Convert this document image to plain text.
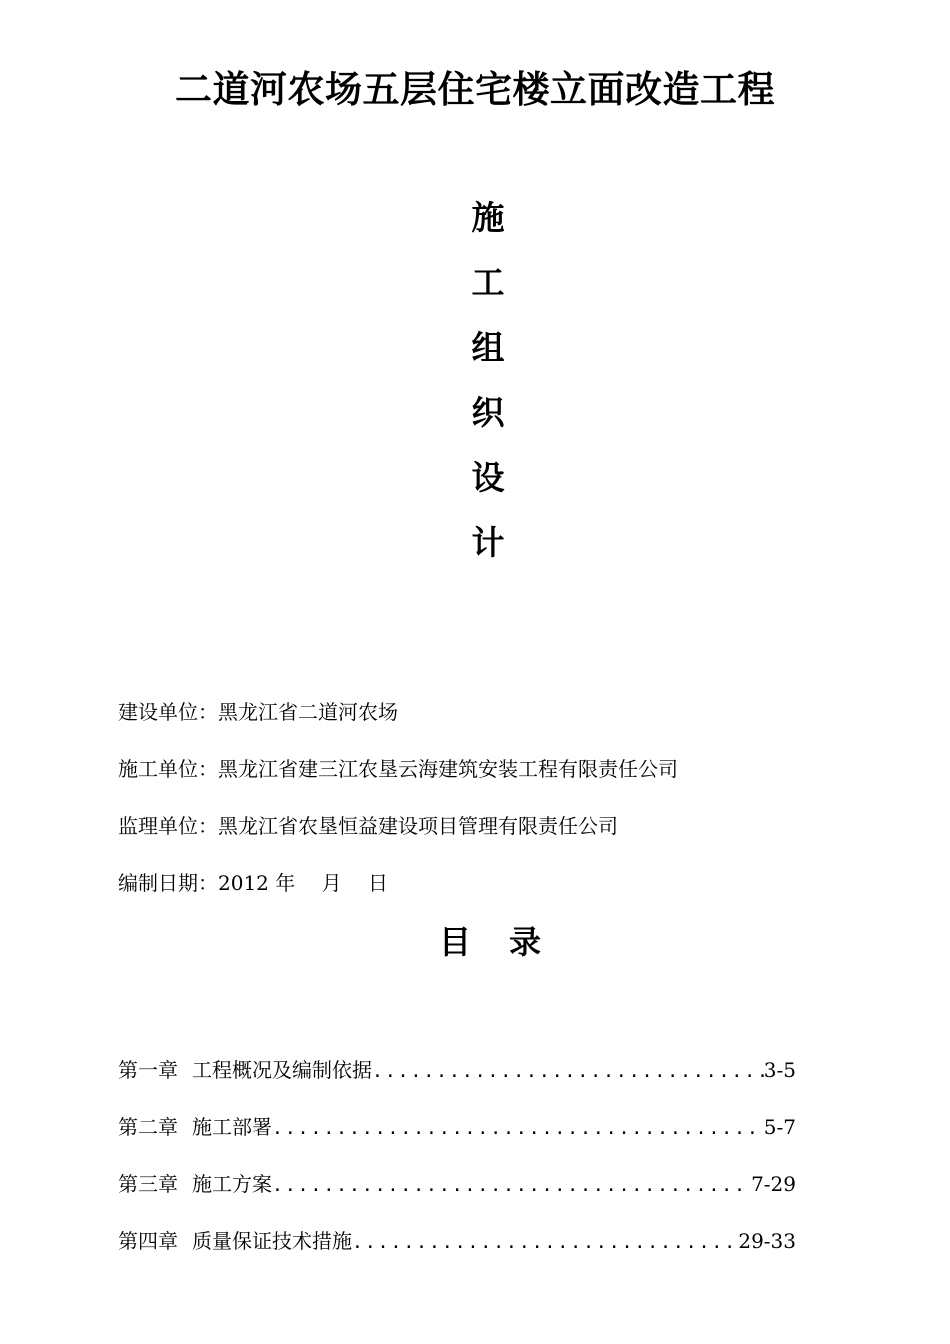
二道河农场五层住宅楼立面改造工程
施
工
组
织
设
计
建设单位：黑龙江省二道河农场
施工单位：黑龙江省建三江农垦云海建筑安装工程有限责任公司
监理单位：黑龙江省农垦恒益建设项目管理有限责任公司
编制日期：2012 年　 月　 日
目 录
第一章 工程概况及编制依据 .....	3-5
第二章 施工部署 .....	5-7
第三章 施工方案 .....	7-29
第四章 质量保证技术措施 .....	29-33
